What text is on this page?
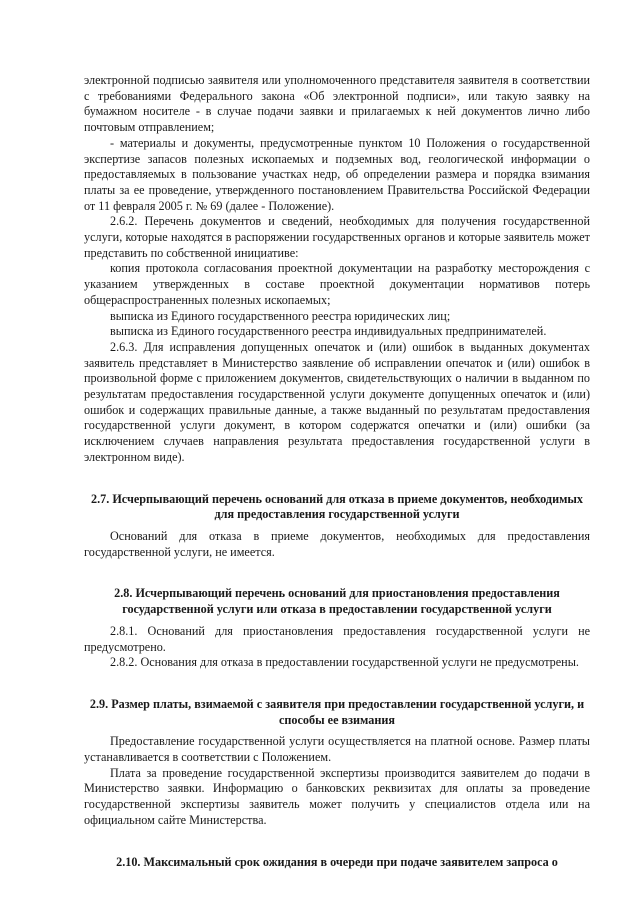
электронной подписью заявителя или уполномоченного представителя заявителя в соответствии с требованиями Федерального закона «Об электронной подписи», или такую заявку на бумажном носителе - в случае подачи заявки и прилагаемых к ней документов лично либо почтовым отправлением;

- материалы и документы, предусмотренные пунктом 10 Положения о государственной экспертизе запасов полезных ископаемых и подземных вод, геологической информации о предоставляемых в пользование участках недр, об определении размера и порядка взимания платы за ее проведение, утвержденного постановлением Правительства Российской Федерации от 11 февраля 2005 г. № 69 (далее - Положение).

2.6.2. Перечень документов и сведений, необходимых для получения государственной услуги, которые находятся в распоряжении государственных органов и которые заявитель может представить по собственной инициативе:

копия протокола согласования проектной документации на разработку месторождения с указанием утвержденных в составе проектной документации нормативов потерь общераспространенных полезных ископаемых;

выписка из Единого государственного реестра юридических лиц;

выписка из Единого государственного реестра индивидуальных предпринимателей.

2.6.3. Для исправления допущенных опечаток и (или) ошибок в выданных документах заявитель представляет в Министерство заявление об исправлении опечаток и (или) ошибок в произвольной форме с приложением документов, свидетельствующих о наличии в выданном по результатам предоставления государственной услуги документе допущенных опечаток и (или) ошибок и содержащих правильные данные, а также выданный по результатам предоставления государственной услуги документ, в котором содержатся опечатки и (или) ошибки (за исключением случаев направления результата предоставления государственной услуги в электронном виде).

2.7. Исчерпывающий перечень оснований для отказа в приеме документов, необходимых для предоставления государственной услуги

Оснований для отказа в приеме документов, необходимых для предоставления государственной услуги, не имеется.

2.8. Исчерпывающий перечень оснований для приостановления предоставления государственной услуги или отказа в предоставлении государственной услуги

2.8.1. Оснований для приостановления предоставления государственной услуги не предусмотрено.

2.8.2. Основания для отказа в предоставлении государственной услуги не предусмотрены.

2.9. Размер платы, взимаемой с заявителя при предоставлении государственной услуги, и способы ее взимания

Предоставление государственной услуги осуществляется на платной основе. Размер платы устанавливается в соответствии с Положением.

Плата за проведение государственной экспертизы производится заявителем до подачи в Министерство заявки. Информацию о банковских реквизитах для оплаты за проведение государственной экспертизы заявитель может получить у специалистов отдела или на официальном сайте Министерства.

2.10. Максимальный срок ожидания в очереди при подаче заявителем запроса о
